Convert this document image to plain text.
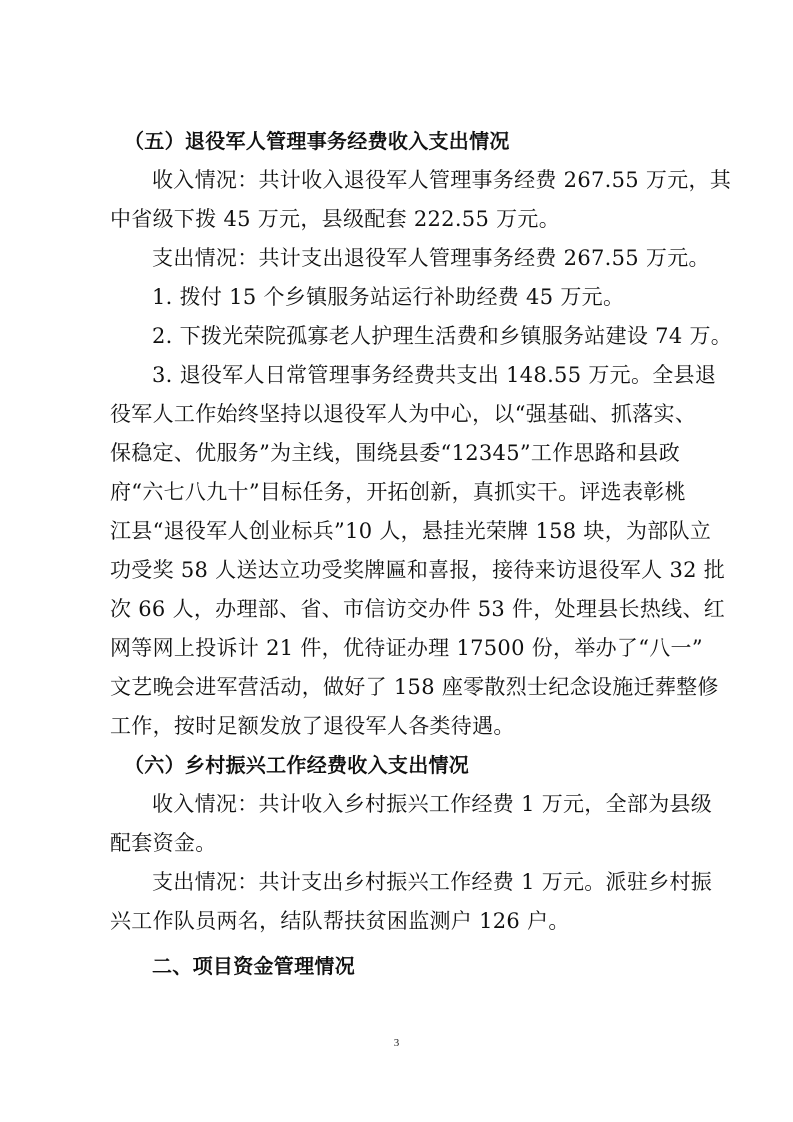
（五）退役军人管理事务经费收入支出情况
收入情况：共计收入退役军人管理事务经费 267.55 万元，其
中省级下拨 45 万元，县级配套 222.55 万元。
支出情况：共计支出退役军人管理事务经费 267.55 万元。
1. 拨付 15 个乡镇服务站运行补助经费 45 万元。
2. 下拨光荣院孤寡老人护理生活费和乡镇服务站建设 74 万。
3. 退役军人日常管理事务经费共支出 148.55 万元。全县退
役军人工作始终坚持以退役军人为中心，以“强基础、抓落实、
保稳定、优服务”为主线，围绕县委“12345”工作思路和县政
府“六七八九十”目标任务，开拓创新，真抓实干。评选表彰桃
江县“退役军人创业标兵”10 人，悬挂光荣牌 158 块，为部队立
功受奖 58 人送达立功受奖牌匾和喜报，接待来访退役军人 32 批
次 66 人，办理部、省、市信访交办件 53 件，处理县长热线、红
网等网上投诉计 21 件，优待证办理 17500 份，举办了“八一”
文艺晚会进军营活动，做好了 158 座零散烈士纪念设施迁葬整修
工作，按时足额发放了退役军人各类待遇。
（六）乡村振兴工作经费收入支出情况
收入情况：共计收入乡村振兴工作经费 1 万元，全部为县级
配套资金。
支出情况：共计支出乡村振兴工作经费 1 万元。派驻乡村振
兴工作队员两名，结队帮扶贫困监测户 126 户。
二、项目资金管理情况
3
